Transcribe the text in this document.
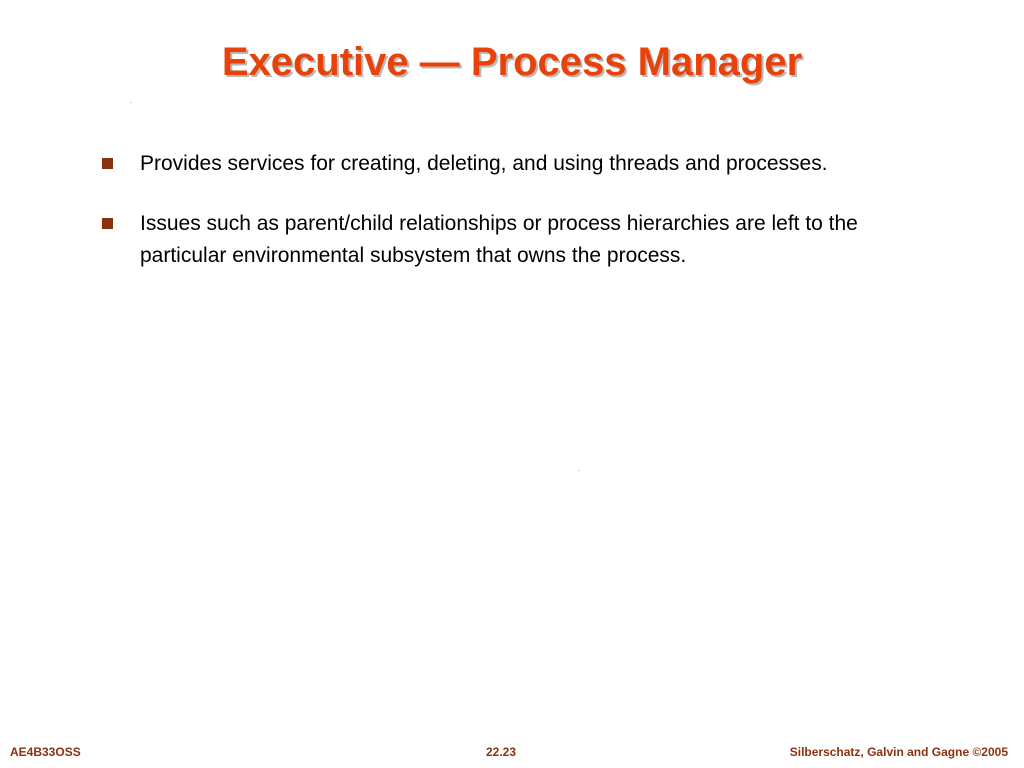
Executive — Process Manager
Provides services for creating, deleting, and using threads and processes.
Issues such as parent/child relationships or process hierarchies are left to the particular environmental subsystem that owns the process.
AE4B33OSS	22.23	Silberschatz, Galvin and Gagne ©2005
